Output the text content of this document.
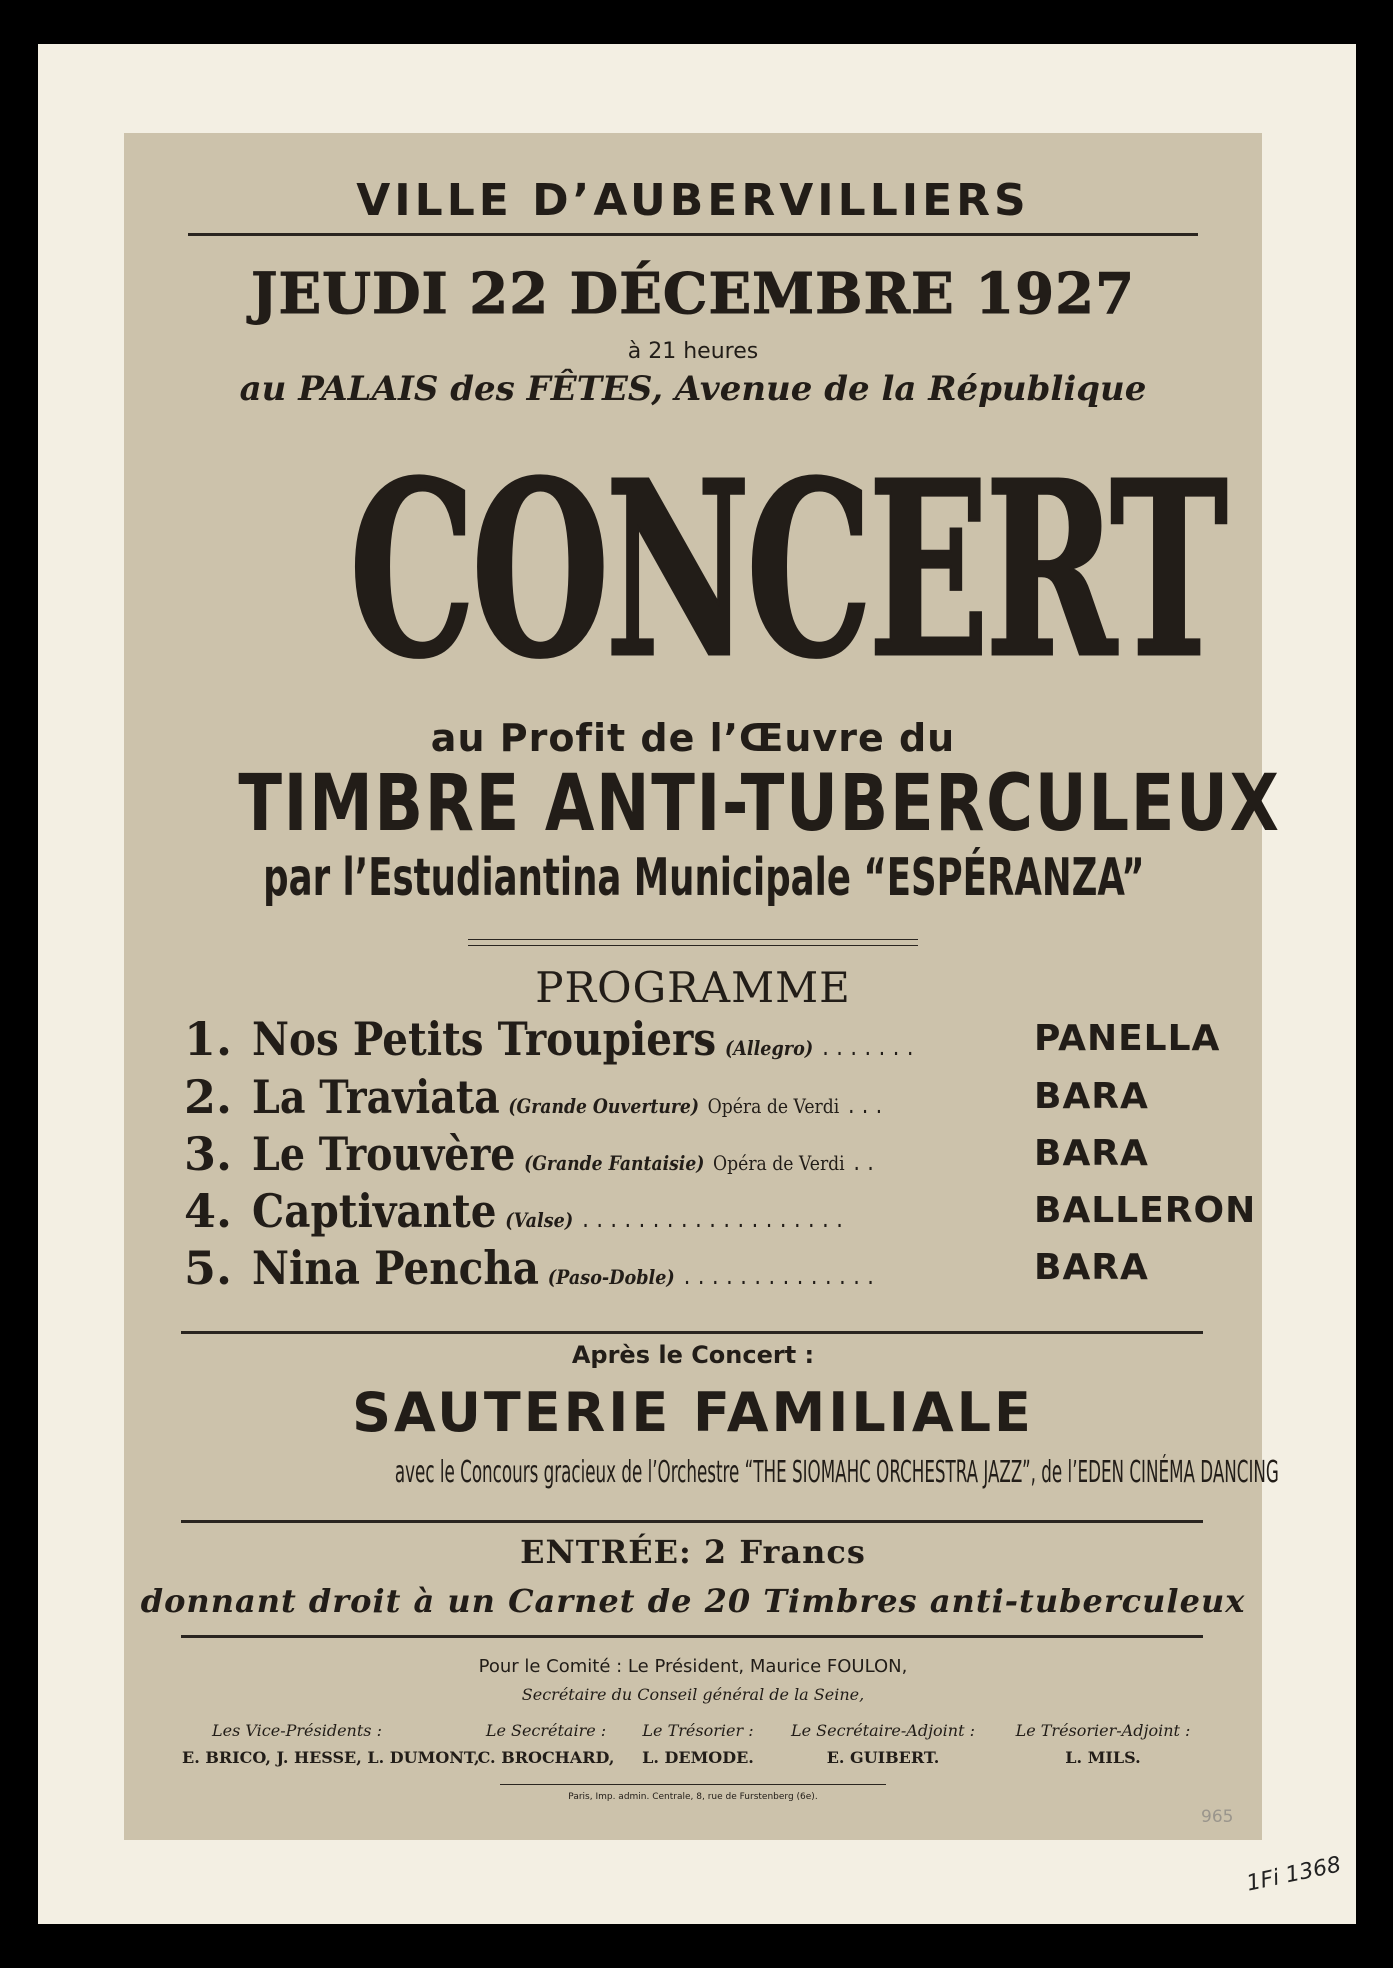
VILLE D’AUBERVILLIERS
JEUDI 22 DÉCEMBRE 1927
à 21 heures
au PALAIS des FÊTES, Avenue de la République
CONCERT
au Profit de l’Œuvre du
TIMBRE ANTI-TUBERCULEUX
par l’Estudiantina Municipale “ESPÉRANZA”
PROGRAMME
1. Nos Petits Troupiers (Allegro) .......	PANELLA
2. La Traviata (Grande Ouverture) Opéra de Verdi ...	BARA
3. Le Trouvère (Grande Fantaisie) Opéra de Verdi ..	BARA
4. Captivante (Valse) ...................	BALLERON
5. Nina Pencha (Paso-Doble) ..............	BARA
Après le Concert :
SAUTERIE FAMILIALE
avec le Concours gracieux de l’Orchestre “THE SIOMAHC ORCHESTRA JAZZ”, de l’EDEN CINÉMA DANCING
ENTRÉE: 2 Francs
donnant droit à un Carnet de 20 Timbres anti-tuberculeux
Pour le Comité : Le Président, Maurice FOULON,
Secrétaire du Conseil général de la Seine,
Les Vice-Présidents :
E. BRICO, J. HESSE, L. DUMONT,
Le Secrétaire :
C. BROCHARD,
Le Trésorier :
L. DEMODE.
Le Secrétaire-Adjoint :
E. GUIBERT.
Le Trésorier-Adjoint :
L. MILS.
Paris, Imp. admin. Centrale, 8, rue de Furstenberg (6e).
965
1Fi 1368
